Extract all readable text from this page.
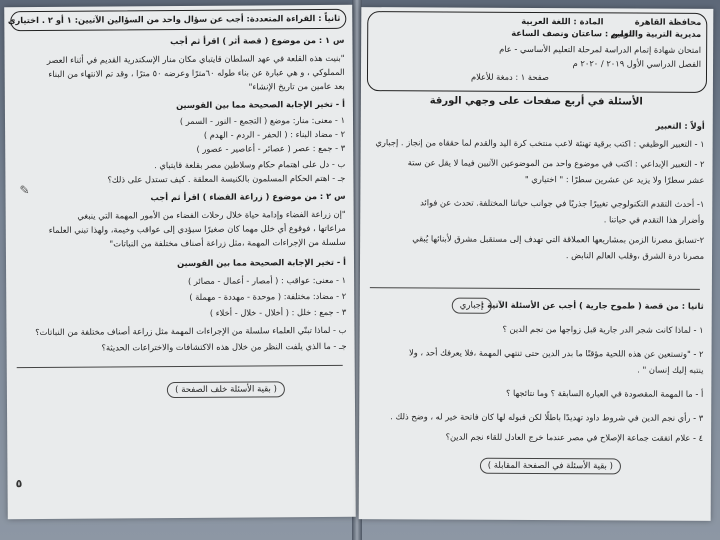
ثانياً : القراءة المتعددة: أجب عن سؤال واحد من السؤالين الآتيين: ١ أو ٢ . اختياري
س ١ : من موضوع ( قصة أثر ) اقرأ ثم أجب
"بنيت هذه القلعة في عهد السلطان قايتباي مكان منار الإسكندرية القديم في أثناء العصر
المملوكي ، و هي عبارة عن بناء طوله ٦٠مترًا وعرضه ٥٠ مترًا ، وقد تم الانتهاء من البناء
بعد عامين من تاريخ الإنشاء"
أ - تخير الإجابة الصحيحة مما بين القوسين
١ - معنى: منار: موضع ( التجمع - النور - السمر )
٢ - مضاد البناء : ( الحفر - الردم - الهدم )
٣ - جمع : عصر ( عصائر - أعاصير - عصور )
ب - دل على اهتمام حكام وسلاطين مصر بقلعة قايتباي .
جـ - اهتم الحكام المسلمون بالكنيسة المعلقة . كيف تستدل على ذلك؟
✎	س ٢ : من موضوع ( زراعة الفضاء ) اقرأ ثم أجب
"إن زراعة الفضاء وإدامة حياة خلال رحلات الفضاء من الأمور المهمة التي ينبغي
مراعاتها ، فوقوع أي خلل مهما كان صغيرًا سيؤدي إلى عواقب وخيمة، ولهذا تبني العلماء
سلسلة من الإجراءات المهمة ،مثل زراعة أصناف مختلفة من النباتات"
أ - تخير الإجابة الصحيحة مما بين القوسين
١ - معنى: عواقب : ( أمصار - أعمال - مصائر )
٢ - مضاد: مختلفة: ( موحدة - مهددة - مهملة )
٣ - جمع : خلل : ( أخلال - خلال - أخلاء )
ب - لماذا تبنّي العلماء سلسلة من الإجراءات المهمة مثل زراعة أصناف مختلفة من النباتات؟
جـ - ما الذي يلفت النظر من خلال هذه الاكتشافات والاختراعات الحديثة؟
( بقية الأسئلة خلف الصفحة )
٥
محافظة القاهرة
مديرية التربية والتعليم
المادة : اللغة العربية
الزمن : ساعتان ونصف الساعة
امتحان شهادة إتمام الدراسة لمرحلة التعليم الأساسي - عام
الفصل الدراسي الأول ٢٠١٩ / ٢٠٢٠ م
صفحة ١ : دمغة للأعلام
الأسئلة في أربع صفحات على وجهي الورقة
أولاً : التعبير
١ - التعبير الوظيفي : اكتب برقية تهنئة لاعب منتخب كرة اليد والقدم لما حققاه من إنجاز . إجباري
٢ - التعبير الإبداعي : اكتب في موضوع واحد من الموضوعين الآتيين فيما لا يقل عن ستة
عشر سطرًا ولا يزيد عن عشرين سطرًا : " اختياري "
١- أحدث التقدم التكنولوجي تغييرًا جذريًا في جوانب حياتنا المختلفة. تحدث عن فوائد
وأضرار هذا التقدم في حياتنا .
٢-تسابق مصرنا الزمن بمشاريعها العملاقة التي تهدف إلى مستقبل مشرق لأبنائها يُبقي
مصرنا درة الشرق ،وقلب العالم النابض .
ثانيا : من قصة ( طموح جارية ) أجب عن الأسئلة الآتية :
إجباري
١ - لماذا كانت شجر الدر جارية قبل زواجها من نجم الدين ؟
٢ - "وتستعين عن هذه اللحية مؤقتًا ما بدر الدين حتى تنتهي المهمة ،فلا يعرفك أحد ، ولا
ينتبه إليك إنسان " .
أ - ما المهمة المقصودة في العبارة السابقة ؟ وما نتائجها ؟
٣ - رأي نجم الدين في شروط داود تهديدًا باطلًا لكن قبوله لها كان فاتحة خير له ، وضح ذلك .
٤ - علام اتفقت جماعة الإصلاح في مصر عندما خرج العادل للقاء نجم الدين؟
( بقية الأسئلة في الصفحة المقابلة )
